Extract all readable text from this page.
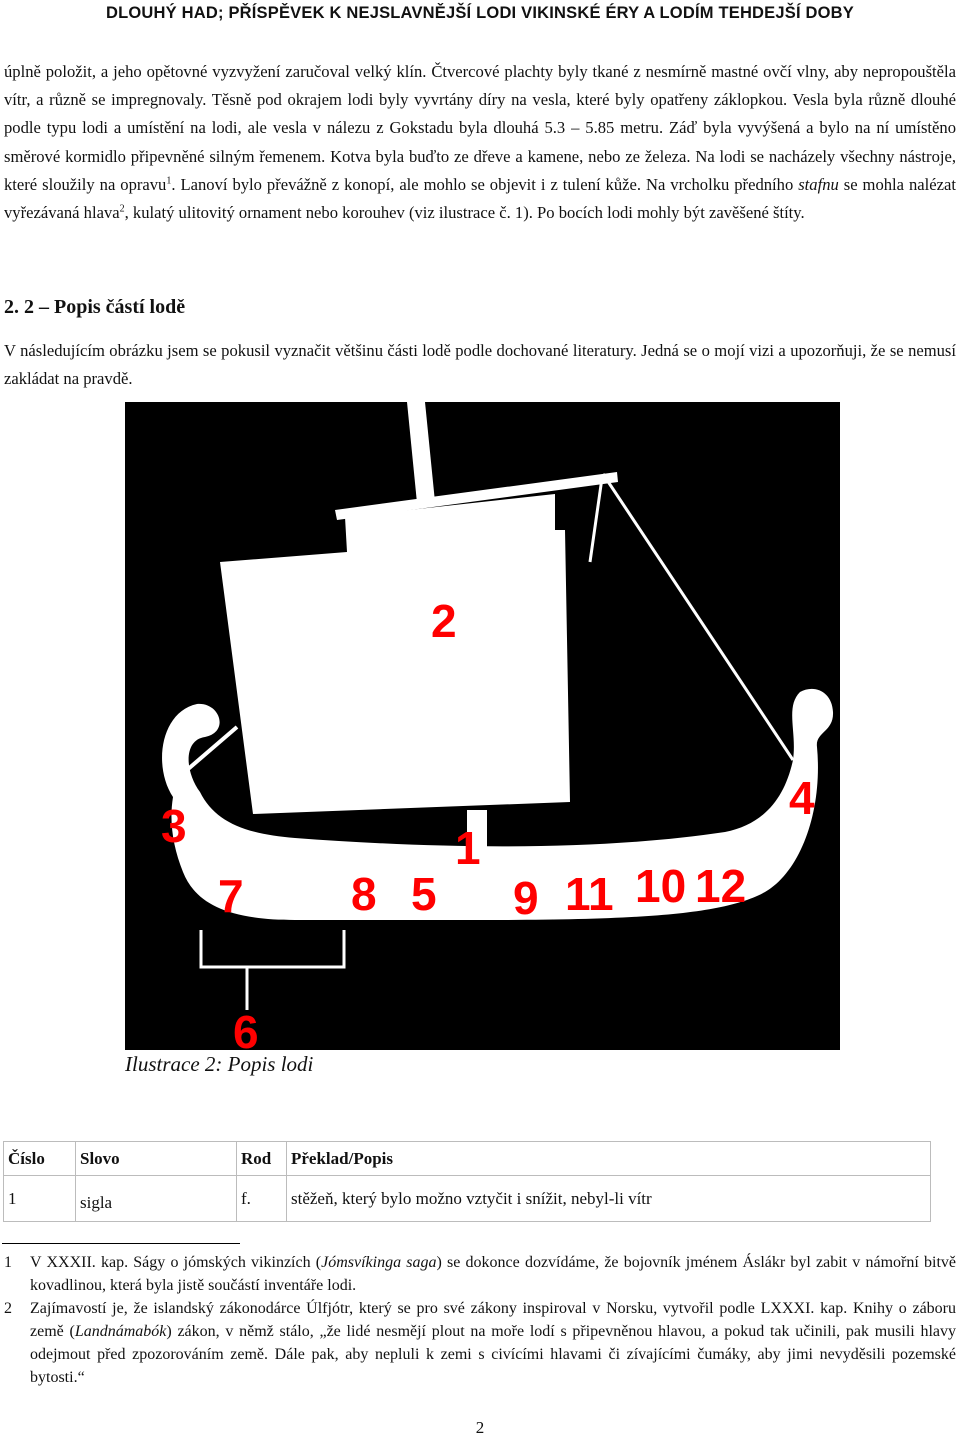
DLOUHÝ HAD; PŘÍSPĚVEK K NEJSLAVNĚJŠÍ LODI VIKINSKÉ ÉRY A LODÍM TEHDEJŠÍ DOBY

úplně položit, a jeho opětovné vyzvyžení zaručoval velký klín. Čtvercové plachty byly tkané z nesmírně mastné ovčí vlny, aby nepropouštěla vítr, a různě se impregnovaly. Těsně pod okrajem lodi byly vyvrtány díry na vesla, které byly opatřeny záklopkou. Vesla byla různě dlouhé podle typu lodi a umístění na lodi, ale vesla v nálezu z Gokstadu byla dlouhá 5.3 – 5.85 metru. Záď byla vyvýšená a bylo na ní umístěno směrové kormidlo připevněné silným řemenem. Kotva byla buďto ze dřeve a kamene, nebo ze železa. Na lodi se nacházely všechny nástroje, které sloužily na opravu$^1$. Lanoví bylo převážně z konopí, ale mohlo se objevit i z tulení kůže. Na vrcholku předního stafnu se mohla nalézat vyřezávaná hlava$^2$, kulatý ulitovitý ornament nebo korouhev (viz ilustrace č. 1). Po bocích lodi mohly být zavěšené štíty.

2. 2 – Popis částí lodě

V následujícím obrázku jsem se pokusil vyznačit většinu části lodě podle dochované literatury. Jedná se o mojí vizi a upozorňuji, že se nemusí zakládat na pravdě.

2
3
4
1
7 8 5 9 11 10 12
6

Ilustrace 2: Popis lodi

Číslo	Slovo	Rod	Překlad/Popis
1	sigla	f.	stěžeň, který bylo možno vztyčit i snížit, nebyl-li vítr
1 V XXXII. kap. Ságy o jómských vikinzích (Jómsvíkinga saga) se dokonce dozvídáme, že bojovník jménem Áslákr byl zabit v námořní bitvě kovadlinou, která byla jistě součástí inventáře lodi.
2 Zajímavostí je, že islandský zákonodárce Úlfjótr, který se pro své zákony inspiroval v Norsku, vytvořil podle LXXXI. kap. Knihy o záboru země (Landnámabók) zákon, v němž stálo, „že lidé nesmějí plout na moře lodí s připevněnou hlavou, a pokud tak učinili, pak musili hlavy odejmout před zpozorováním země. Dále pak, aby nepluli k zemi s civícími hlavami či zívajícími čumáky, aby jimi nevyděsili pozemské bytosti.“

2
